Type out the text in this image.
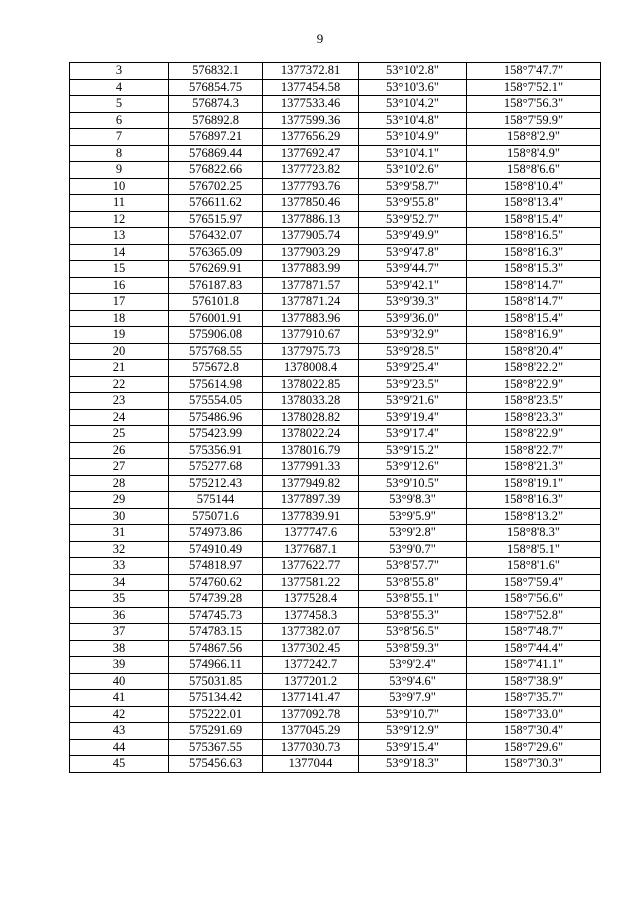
9
3	576832.1	1377372.81	53°10'2.8"	158°7'47.7"
4	576854.75	1377454.58	53°10'3.6"	158°7'52.1"
5	576874.3	1377533.46	53°10'4.2"	158°7'56.3"
6	576892.8	1377599.36	53°10'4.8"	158°7'59.9"
7	576897.21	1377656.29	53°10'4.9"	158°8'2.9"
8	576869.44	1377692.47	53°10'4.1"	158°8'4.9"
9	576822.66	1377723.82	53°10'2.6"	158°8'6.6"
10	576702.25	1377793.76	53°9'58.7"	158°8'10.4"
11	576611.62	1377850.46	53°9'55.8"	158°8'13.4"
12	576515.97	1377886.13	53°9'52.7"	158°8'15.4"
13	576432.07	1377905.74	53°9'49.9"	158°8'16.5"
14	576365.09	1377903.29	53°9'47.8"	158°8'16.3"
15	576269.91	1377883.99	53°9'44.7"	158°8'15.3"
16	576187.83	1377871.57	53°9'42.1"	158°8'14.7"
17	576101.8	1377871.24	53°9'39.3"	158°8'14.7"
18	576001.91	1377883.96	53°9'36.0"	158°8'15.4"
19	575906.08	1377910.67	53°9'32.9"	158°8'16.9"
20	575768.55	1377975.73	53°9'28.5"	158°8'20.4"
21	575672.8	1378008.4	53°9'25.4"	158°8'22.2"
22	575614.98	1378022.85	53°9'23.5"	158°8'22.9"
23	575554.05	1378033.28	53°9'21.6"	158°8'23.5"
24	575486.96	1378028.82	53°9'19.4"	158°8'23.3"
25	575423.99	1378022.24	53°9'17.4"	158°8'22.9"
26	575356.91	1378016.79	53°9'15.2"	158°8'22.7"
27	575277.68	1377991.33	53°9'12.6"	158°8'21.3"
28	575212.43	1377949.82	53°9'10.5"	158°8'19.1"
29	575144	1377897.39	53°9'8.3"	158°8'16.3"
30	575071.6	1377839.91	53°9'5.9"	158°8'13.2"
31	574973.86	1377747.6	53°9'2.8"	158°8'8.3"
32	574910.49	1377687.1	53°9'0.7"	158°8'5.1"
33	574818.97	1377622.77	53°8'57.7"	158°8'1.6"
34	574760.62	1377581.22	53°8'55.8"	158°7'59.4"
35	574739.28	1377528.4	53°8'55.1"	158°7'56.6"
36	574745.73	1377458.3	53°8'55.3"	158°7'52.8"
37	574783.15	1377382.07	53°8'56.5"	158°7'48.7"
38	574867.56	1377302.45	53°8'59.3"	158°7'44.4"
39	574966.11	1377242.7	53°9'2.4"	158°7'41.1"
40	575031.85	1377201.2	53°9'4.6"	158°7'38.9"
41	575134.42	1377141.47	53°9'7.9"	158°7'35.7"
42	575222.01	1377092.78	53°9'10.7"	158°7'33.0"
43	575291.69	1377045.29	53°9'12.9"	158°7'30.4"
44	575367.55	1377030.73	53°9'15.4"	158°7'29.6"
45	575456.63	1377044	53°9'18.3"	158°7'30.3"
